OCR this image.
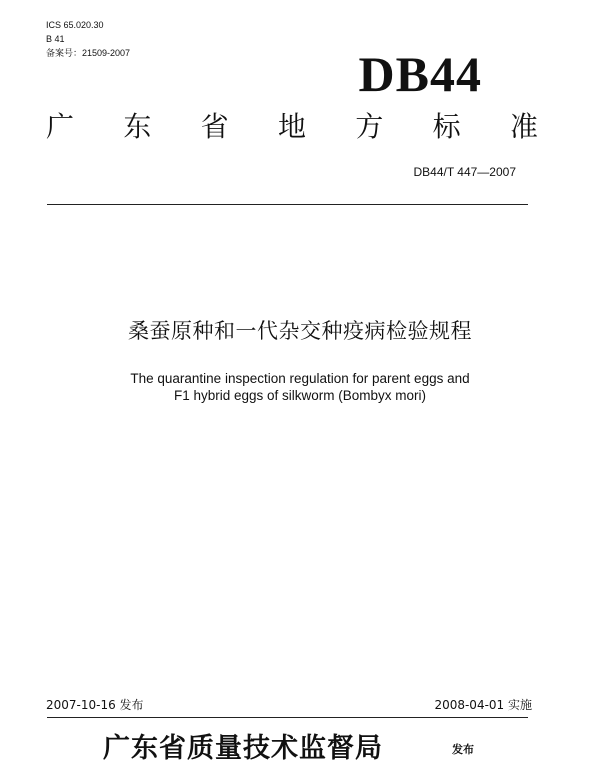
ICS 65.020.30
B 41
备案号：21509-2007	DB44
广 东 省 地 方 标 准
DB44/T 447—2007
桑蚕原种和一代杂交种疫病检验规程
The quarantine inspection regulation for parent eggs and
F1 hybrid eggs of silkworm (Bombyx mori)
2007-10-16 发布	2008-04-01 实施
广东省质量技术监督局	发布
